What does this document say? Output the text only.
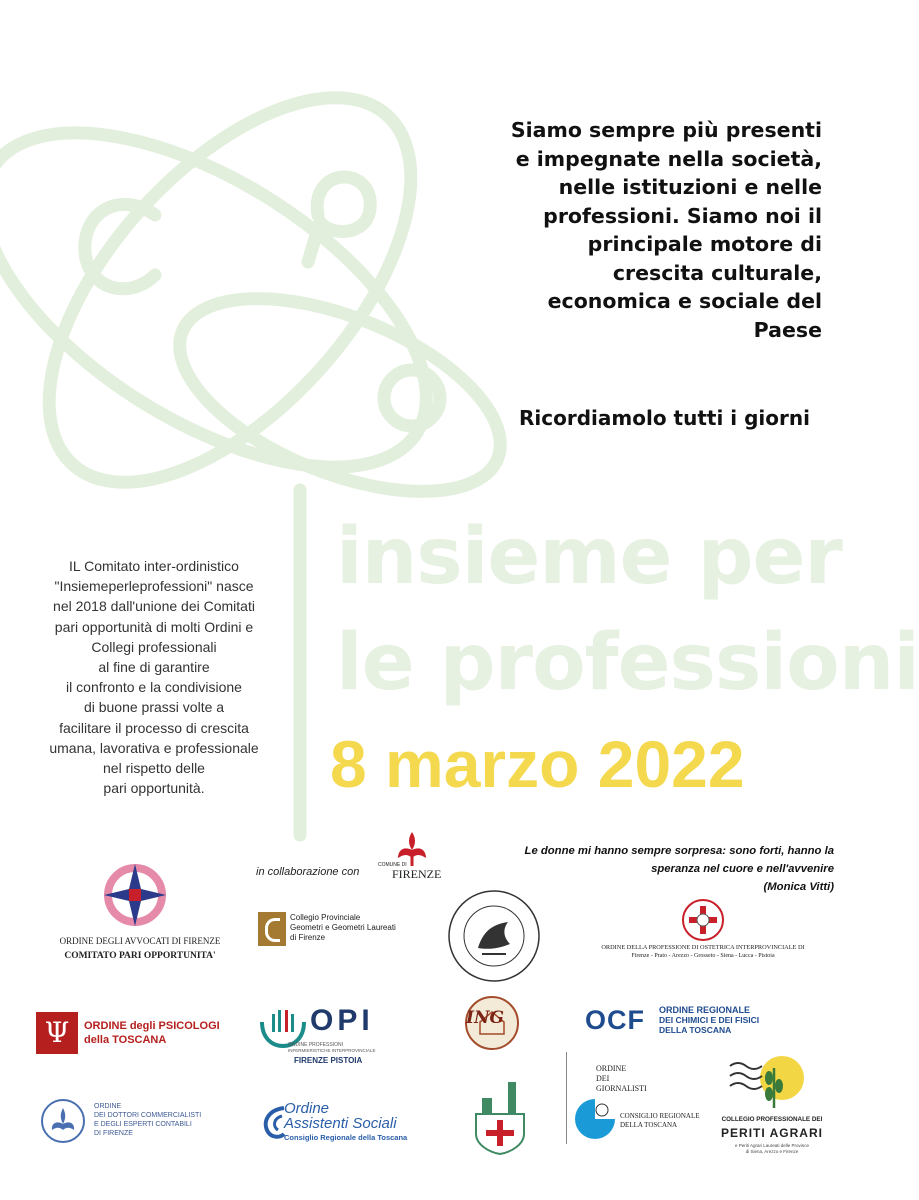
Siamo sempre più presenti
e impegnate nella società,
nelle istituzioni e nelle
professioni. Siamo noi il
principale motore di
crescita culturale,
economica e sociale del
Paese
Ricordiamolo tutti i giorni
insieme per
le professioni
8 marzo 2022
IL Comitato inter-ordinistico
"Insiemeperleprofessioni" nasce
nel 2018 dall'unione dei Comitati
pari opportunità di molti Ordini e
Collegi professionali
al fine di garantire
il confronto e la condivisione
di buone prassi volte a
facilitare il processo di crescita
umana, lavorativa e professionale
nel rispetto delle
pari opportunità.
in collaborazione con
Le donne mi hanno sempre sorpresa: sono forti, hanno la
speranza nel cuore e nell'avvenire
(Monica Vitti)
COMUNE DI
FIRENZE
ORDINE DEGLI AVVOCATI DI FIRENZE
COMITATO PARI OPPORTUNITA'
Collegio Provinciale
Geometri e Geometri Laureati
di Firenze
ORDINE DELLA PROFESSIONE DI OSTETRICA INTERPROVINCIALE DI
Firenze - Prato - Arezzo - Grosseto - Siena - Lucca - Pistoia
Ψ	ORDINE degli PSICOLOGI
della TOSCANA
OPI
ORDINE PROFESSIONI
INFERMIERISTICHE INTERPROVINCIALE
FIRENZE PISTOIA
ING	OCF ORDINE REGIONALE
DEI CHIMICI E DEI FISICI
DELLA TOSCANA
ORDINE
DEI DOTTORI COMMERCIALISTI
E DEGLI ESPERTI CONTABILI
DI FIRENZE
Ordine
Assistenti Sociali
Consiglio Regionale della Toscana
ORDINE
DEI
GIORNALISTI
CONSIGLIO REGIONALE
DELLA TOSCANA
COLLEGIO PROFESSIONALE DEI
PERITI AGRARI
e Periti Agrari Laureati delle Province
di Siena, Arezzo e Firenze
